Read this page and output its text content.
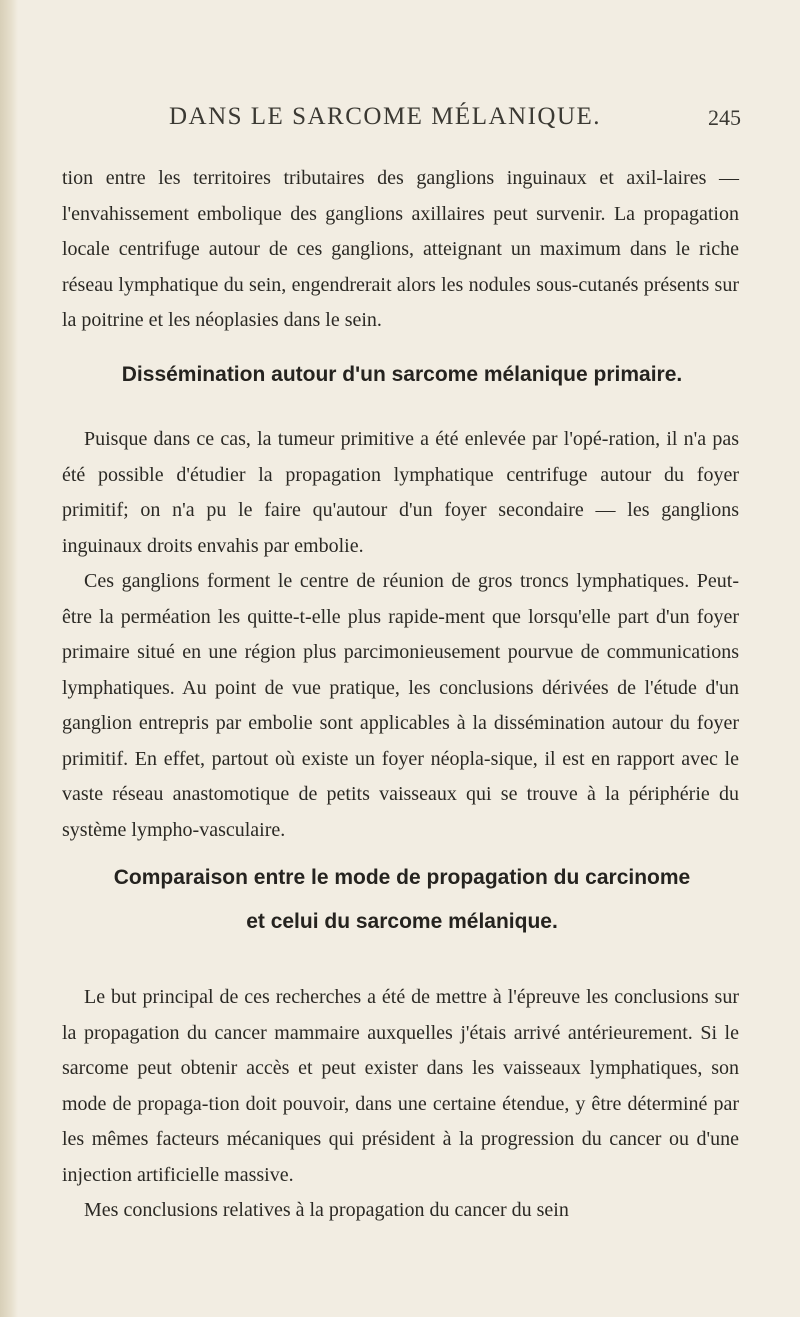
DANS LE SARCOME MÉLANIQUE.	245

tion entre les territoires tributaires des ganglions inguinaux et axil-laires — l'envahissement embolique des ganglions axillaires peut survenir. La propagation locale centrifuge autour de ces ganglions, atteignant un maximum dans le riche réseau lymphatique du sein, engendrerait alors les nodules sous-cutanés présents sur la poitrine et les néoplasies dans le sein.

Dissémination autour d'un sarcome mélanique primaire.

Puisque dans ce cas, la tumeur primitive a été enlevée par l'opé-ration, il n'a pas été possible d'étudier la propagation lymphatique centrifuge autour du foyer primitif; on n'a pu le faire qu'autour d'un foyer secondaire — les ganglions inguinaux droits envahis par embolie.

Ces ganglions forment le centre de réunion de gros troncs lymphatiques. Peut-être la perméation les quitte-t-elle plus rapide-ment que lorsqu'elle part d'un foyer primaire situé en une région plus parcimonieusement pourvue de communications lymphatiques. Au point de vue pratique, les conclusions dérivées de l'étude d'un ganglion entrepris par embolie sont applicables à la dissémination autour du foyer primitif. En effet, partout où existe un foyer néopla-sique, il est en rapport avec le vaste réseau anastomotique de petits vaisseaux qui se trouve à la périphérie du système lympho-vasculaire.

Comparaison entre le mode de propagation du carcinome
et celui du sarcome mélanique.

Le but principal de ces recherches a été de mettre à l'épreuve les conclusions sur la propagation du cancer mammaire auxquelles j'étais arrivé antérieurement. Si le sarcome peut obtenir accès et peut exister dans les vaisseaux lymphatiques, son mode de propaga-tion doit pouvoir, dans une certaine étendue, y être déterminé par les mêmes facteurs mécaniques qui président à la progression du cancer ou d'une injection artificielle massive.

Mes conclusions relatives à la propagation du cancer du sein
